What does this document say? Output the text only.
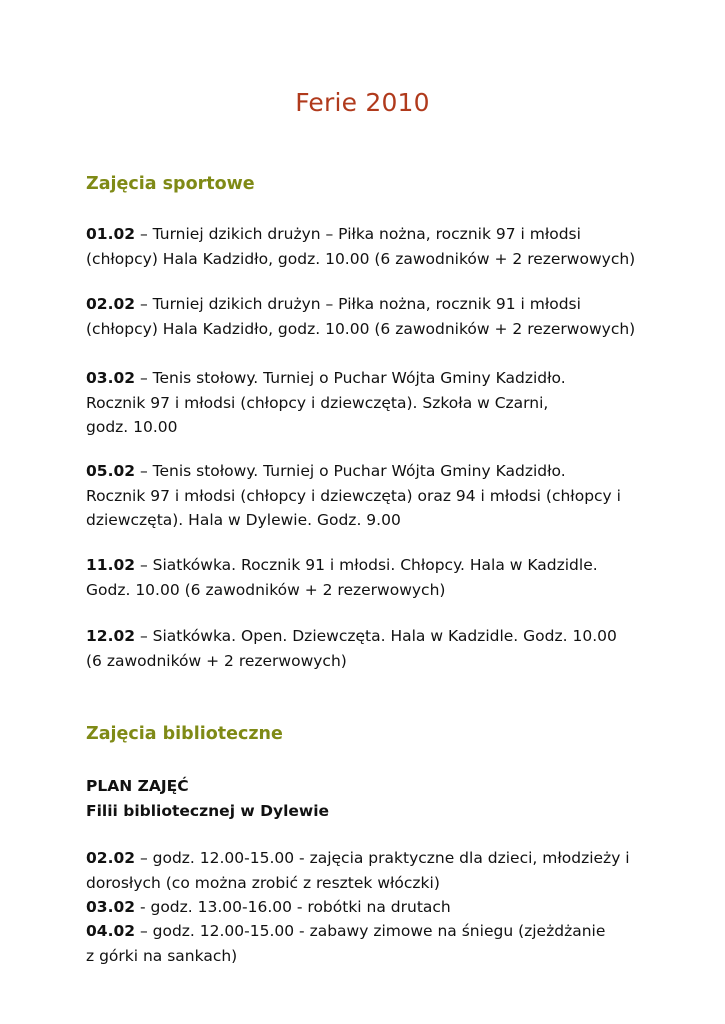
Ferie 2010
Zajęcia sportowe
01.02 – Turniej dzikich drużyn – Piłka nożna, rocznik 97 i młodsi
(chłopcy) Hala Kadzidło, godz. 10.00 (6 zawodników + 2 rezerwowych)
02.02 – Turniej dzikich drużyn – Piłka nożna, rocznik 91 i młodsi
(chłopcy) Hala Kadzidło, godz. 10.00 (6 zawodników + 2 rezerwowych)
03.02 – Tenis stołowy. Turniej o Puchar Wójta Gminy Kadzidło.
Rocznik 97 i młodsi (chłopcy i dziewczęta). Szkoła w Czarni,
godz. 10.00
05.02 – Tenis stołowy. Turniej o Puchar Wójta Gminy Kadzidło.
Rocznik 97 i młodsi (chłopcy i dziewczęta) oraz 94 i młodsi (chłopcy i
dziewczęta). Hala w Dylewie. Godz. 9.00
11.02 – Siatkówka. Rocznik 91 i młodsi. Chłopcy. Hala w Kadzidle.
Godz. 10.00 (6 zawodników + 2 rezerwowych)
12.02 – Siatkówka. Open. Dziewczęta. Hala w Kadzidle. Godz. 10.00
(6 zawodników + 2 rezerwowych)
Zajęcia biblioteczne
PLAN ZAJĘĆ
Filii bibliotecznej w Dylewie
02.02 – godz. 12.00-15.00 - zajęcia praktyczne dla dzieci, młodzieży i
dorosłych (co można zrobić z resztek włóczki)
03.02 - godz. 13.00-16.00 - robótki na drutach
04.02 – godz. 12.00-15.00 - zabawy zimowe na śniegu (zjeżdżanie
z górki na sankach)
